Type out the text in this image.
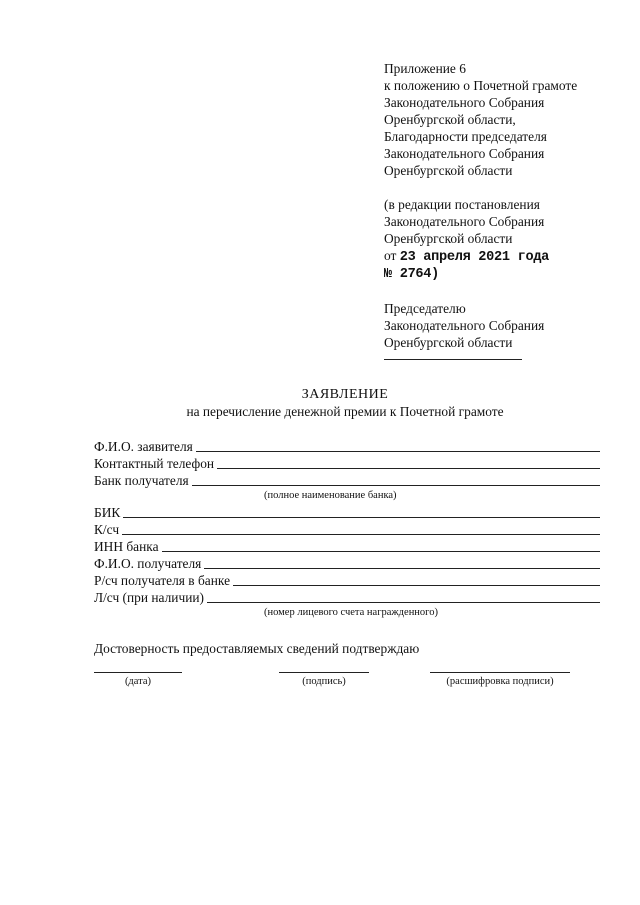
Приложение 6
к положению о Почетной грамоте
Законодательного Собрания
Оренбургской области,
Благодарности председателя
Законодательного Собрания
Оренбургской области
(в редакции постановления
Законодательного Собрания
Оренбургской области
от 23 апреля 2021 года
№ 2764)
Председателю
Законодательного Собрания
Оренбургской области
ЗАЯВЛЕНИЕ
на перечисление денежной премии к Почетной грамоте
Ф.И.О. заявителя
Контактный телефон
Банк получателя
(полное наименование банка)
БИК
К/сч
ИНН банка
Ф.И.О. получателя
Р/сч получателя в банке
Л/сч (при наличии)
(номер лицевого счета награжденного)
Достоверность предоставляемых сведений подтверждаю
(дата)	(подпись)	(расшифровка подписи)
